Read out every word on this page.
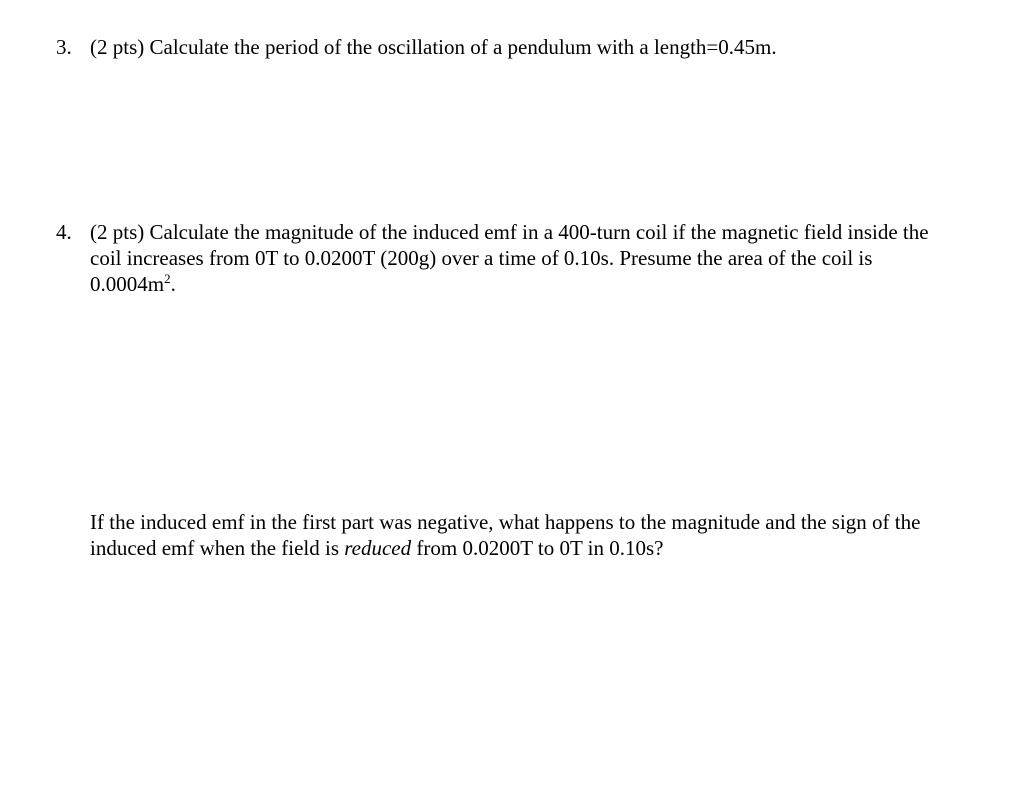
3. (2 pts) Calculate the period of the oscillation of a pendulum with a length=0.45m.
4. (2 pts) Calculate the magnitude of the induced emf in a 400-turn coil if the magnetic field inside the coil increases from 0T to 0.0200T (200g) over a time of 0.10s. Presume the area of the coil is $0.0004m^2$.
If the induced emf in the first part was negative, what happens to the magnitude and the sign of the induced emf when the field is reduced from 0.0200T to 0T in 0.10s?
